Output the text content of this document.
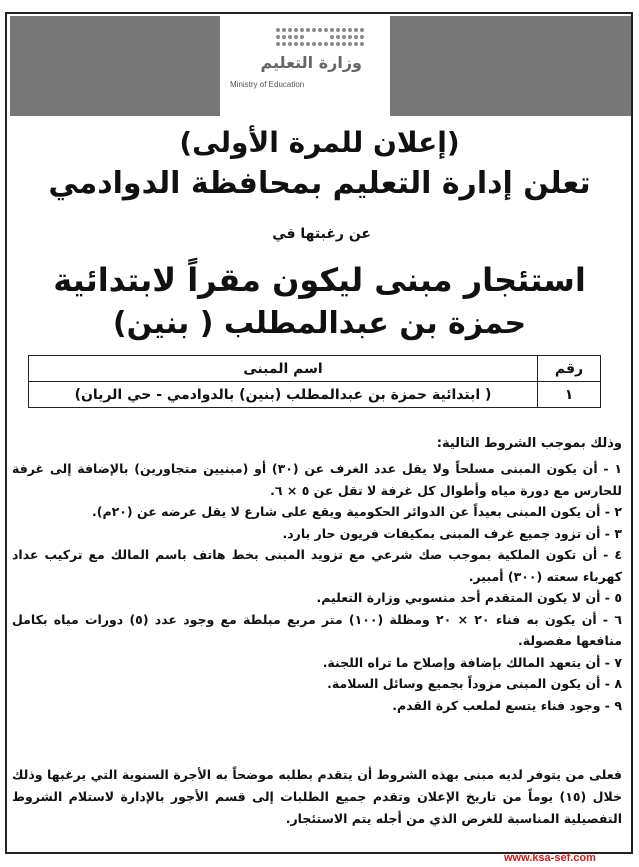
وزارة التعليم
Ministry of Education
(إعلان للمرة الأولى)
تعلن إدارة التعليم بمحافظة الدوادمي
عن رغبتها في
استئجار مبنى ليكون مقراً لابتدائية
حمزة بن عبدالمطلب ( بنين)
رقم	اسم المبنى
١	( ابتدائية حمزة بن عبدالمطلب (بنين) بالدوادمي - حي الريان)
وذلك بموجب الشروط التالية:

١ - أن يكون المبنى مسلحاً ولا يقل عدد الغرف عن (٣٠) أو (مبنيين متجاورين) بالإضافة إلى غرفة للحارس مع دورة مياه وأطوال كل غرفة لا تقل عن ٥ × ٦.

٢ - أن يكون المبنى بعيداً عن الدوائر الحكومية ويقع على شارع لا يقل عرضه عن (٢٠م).

٣ - أن تزود جميع غرف المبنى بمكيفات فريون حار بارد.

٤ - أن تكون الملكية بموجب صك شرعي مع تزويد المبنى بخط هاتف باسم المالك مع تركيب عداد كهرباء سعته (٣٠٠) أمبير.

٥ - أن لا يكون المتقدم أحد منسوبي وزارة التعليم.

٦ - أن يكون به فناء ٢٠ × ٢٠ ومظلة (١٠٠) متر مربع مبلطة مع وجود عدد (٥) دورات مياه بكامل منافعها مفصولة.

٧ - أن يتعهد المالك بإضافة وإصلاح ما تراه اللجنة.

٨ - أن يكون المبنى مزوداً بجميع وسائل السلامة.

٩ - وجود فناء يتسع لملعب كرة القدم.

فعلى من يتوفر لديه مبنى بهذه الشروط أن يتقدم بطلبه موضحاً به الأجرة السنوية التي يرغبها وذلك خلال (١٥) يوماً من تاريخ الإعلان وتقدم جميع الطلبات إلى قسم الأجور بالإدارة لاستلام الشروط التفصيلية المناسبة للغرض الذي من أجله يتم الاستئجار.
www.ksa-sef.com
